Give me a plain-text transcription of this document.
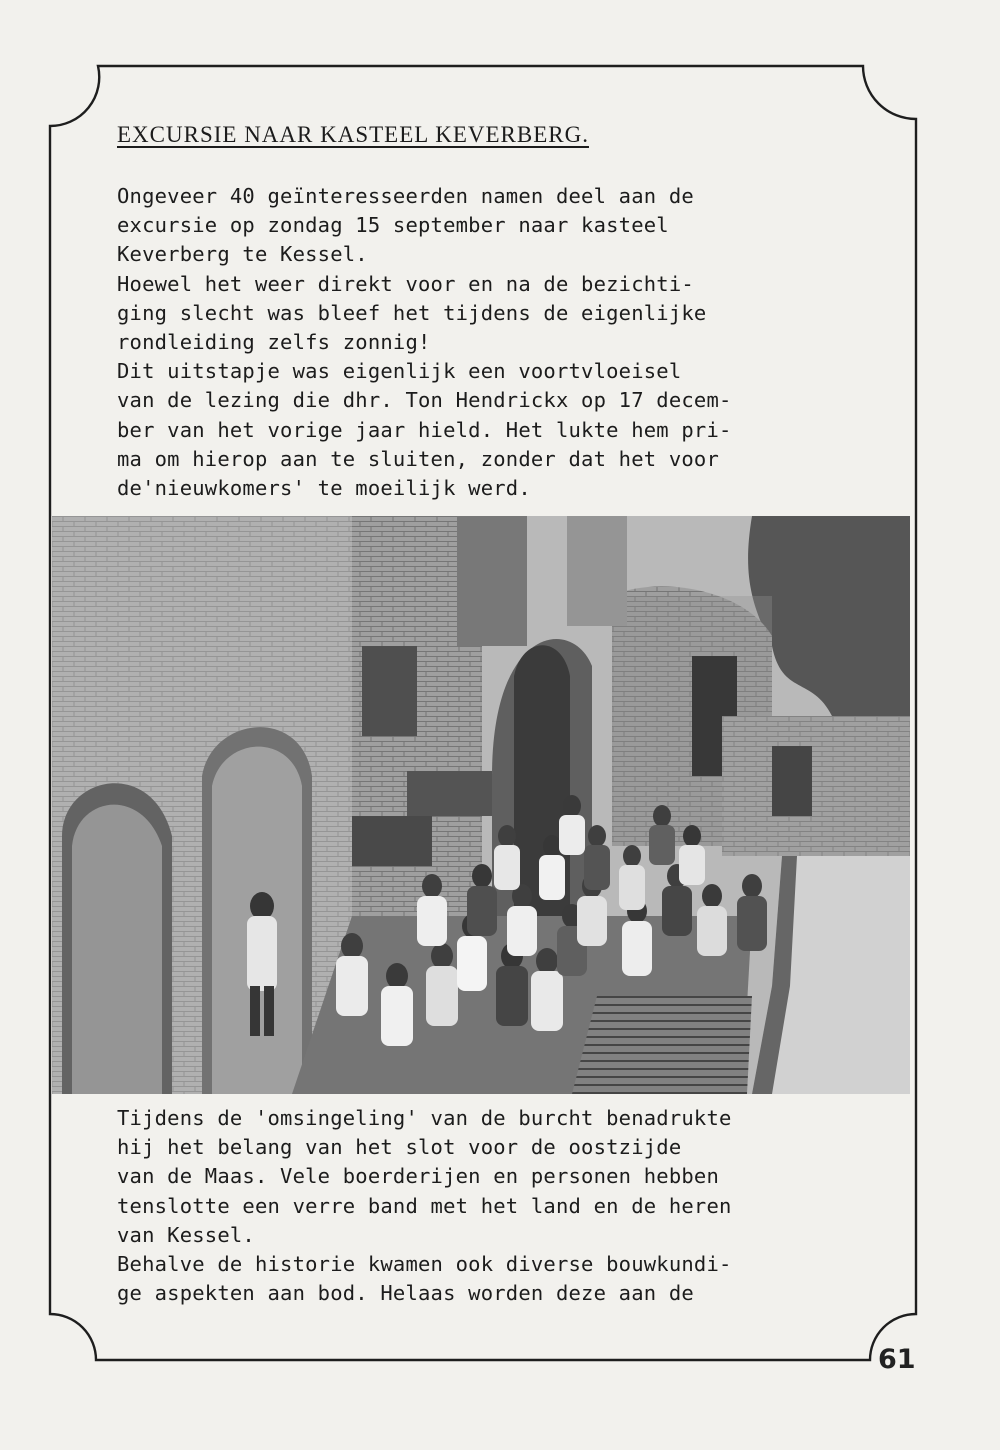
EXCURSIE NAAR KASTEEL KEVERBERG.
Ongeveer 40 geïnteresseerden namen deel aan de
excursie op zondag 15 september naar kasteel
Keverberg te Kessel.
Hoewel het weer direkt voor en na de bezichti-
ging slecht was bleef het tijdens de eigenlijke
rondleiding zelfs zonnig!
Dit uitstapje was eigenlijk een voortvloeisel
van de lezing die dhr. Ton Hendrickx op 17 decem-
ber van het vorige jaar hield. Het lukte hem pri-
ma om hierop aan te sluiten, zonder dat het voor
de'nieuwkomers' te moeilijk werd.
Tijdens de 'omsingeling' van de burcht benadrukte
hij het belang van het slot voor de oostzijde
van de Maas. Vele boerderijen en personen hebben
tenslotte een verre band met het land en de heren
van Kessel.
Behalve de historie kwamen ook diverse bouwkundi-
ge aspekten aan bod. Helaas worden deze aan de
61
